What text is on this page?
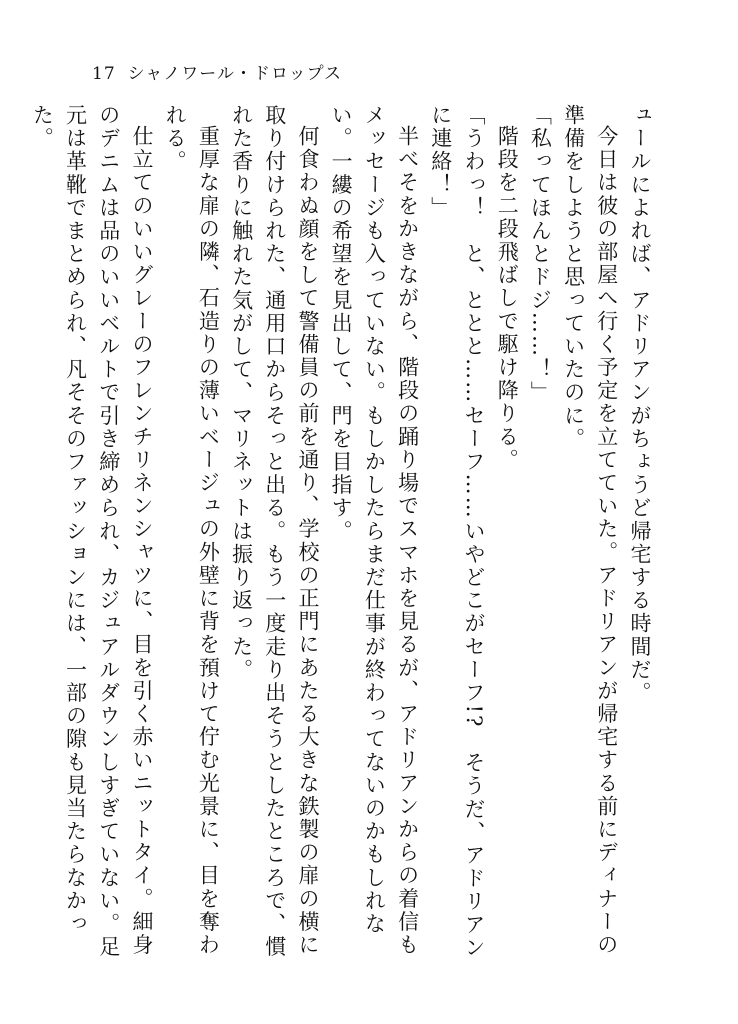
17 シャノワール・ドロップス

ュールによれば、アドリアンがちょうど帰宅する時間だ。

今日は彼の部屋へ行く予定を立てていた。アドリアンが帰宅する前にディナーの準備をしようと思っていたのに。

「私ってほんとドジ……！」

階段を二段飛ばしで駆け降りる。

「うわっ！　と、ととと……セーフ……いやどこがセーフ!?　そうだ、アドリアンに連絡！」

半べそをかきながら、階段の踊り場でスマホを見るが、アドリアンからの着信もメッセージも入っていない。もしかしたらまだ仕事が終わってないのかもしれない。一縷の希望を見出して、門を目指す。

何食わぬ顔をして警備員の前を通り、学校の正門にあたる大きな鉄製の扉の横に取り付けられた、通用口からそっと出る。もう一度走り出そうとしたところで、慣れた香りに触れた気がして、マリネットは振り返った。

重厚な扉の隣、石造りの薄いベージュの外壁に背を預けて佇む光景に、目を奪われる。

仕立てのいいグレーのフレンチリネンシャツに、目を引く赤いニットタイ。細身のデニムは品のいいベルトで引き締められ、カジュアルダウンしすぎていない。足元は革靴でまとめられ、凡そそのファッションには、一部の隙も見当たらなかった。
